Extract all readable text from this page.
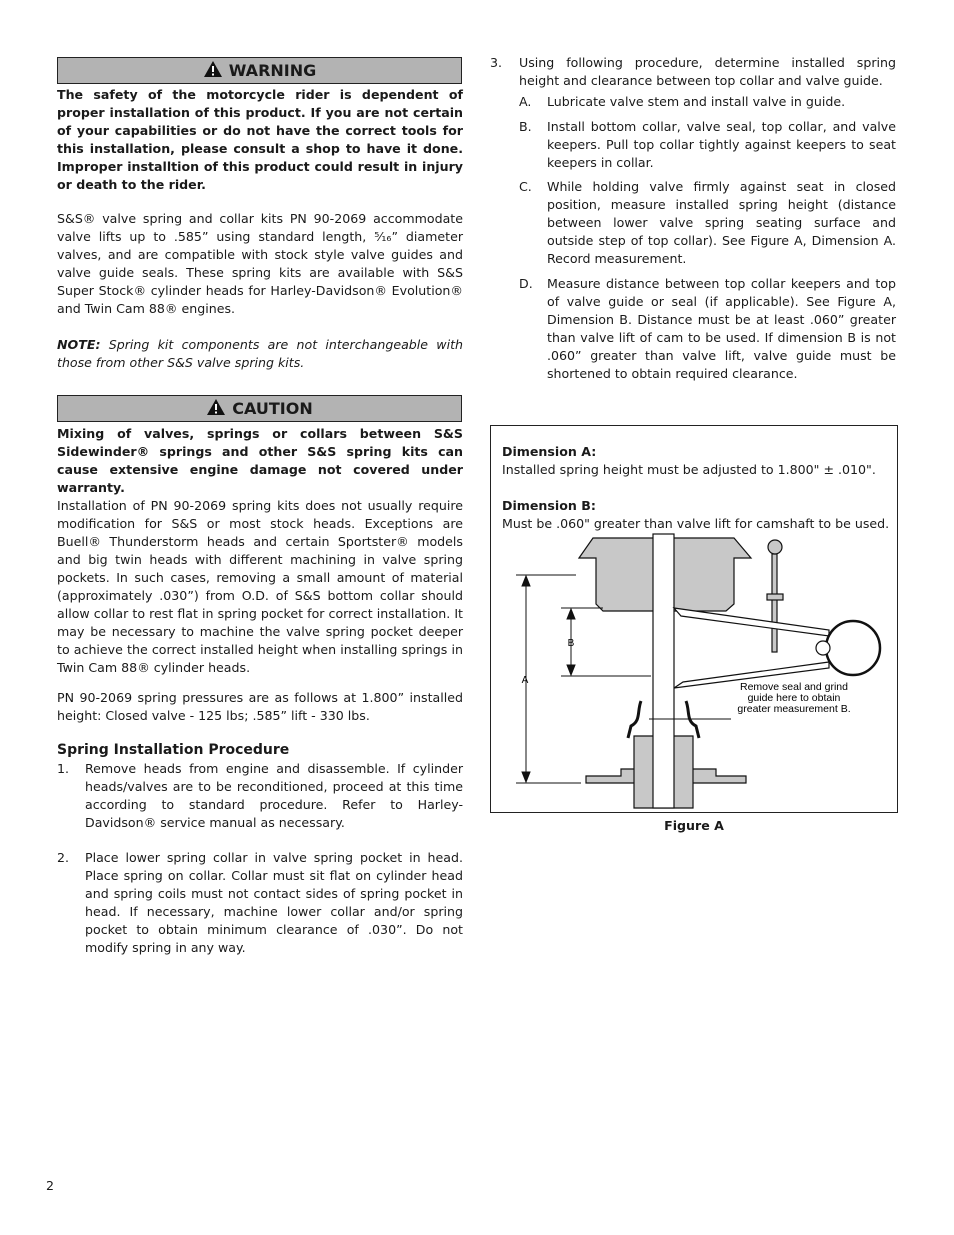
WARNING

The safety of the motorcycle rider is dependent of proper installation of this product. If you are not certain of your capabilities or do not have the correct tools for this installation, please consult a shop to have it done. Improper installtion of this product could result in injury or death to the rider.

S&S® valve spring and collar kits PN 90-2069 accommodate valve lifts up to .585” using standard length, ⁵⁄₁₆” diameter valves, and are compatible with stock style valve guides and valve guide seals. These spring kits are available with S&S Super Stock® cylinder heads for Harley-Davidson® Evolution® and Twin Cam 88® engines.

NOTE: Spring kit components are not interchangeable with those from other S&S valve spring kits.

CAUTION

Mixing of valves, springs or collars between S&S Sidewinder® springs and other S&S spring kits can cause extensive engine damage not covered under warranty.

Installation of PN 90-2069 spring kits does not usually require modification for S&S or most stock heads. Exceptions are Buell® Thunderstorm heads and certain Sportster® models and big twin heads with different machining in valve spring pockets. In such cases, removing a small amount of material (approximately .030”) from O.D. of S&S bottom collar should allow collar to rest flat in spring pocket for correct installation. It may be necessary to machine the valve spring pocket deeper to achieve the correct installed height when installing springs in Twin Cam 88® cylinder heads.

PN 90-2069 spring pressures are as follows at 1.800” installed height: Closed valve - 125 lbs; .585” lift - 330 lbs.

Spring Installation Procedure

1.	Remove heads from engine and disassemble. If cylinder heads/valves are to be reconditioned, proceed at this time according to standard procedure. Refer to Harley-Davidson® service manual as necessary.
2.	Place lower spring collar in valve spring pocket in head. Place spring on collar. Collar must sit flat on cylinder head and spring coils must not contact sides of spring pocket in head. If necessary, machine lower collar and/or spring pocket to obtain minimum clearance of .030”. Do not modify spring in any way.
3.	Using following procedure, determine installed spring height and clearance between top collar and valve guide.
A.	Lubricate valve stem and install valve in guide.
B.	Install bottom collar, valve seal, top collar, and valve keepers. Pull top collar tightly against keepers to seat keepers in collar.
C.	While holding valve firmly against seat in closed position, measure installed spring height (distance between lower valve spring seating surface and outside step of top collar). See Figure A, Dimension A. Record measurement.
D.	Measure distance between top collar keepers and top of valve guide or seal (if applicable). See Figure A, Dimension B. Distance must be at least .060” greater than valve lift of cam to be used. If dimension B is not .060” greater than valve lift, valve guide must be shortened to obtain required clearance.
Dimension A:
Installed spring height must be adjusted to 1.800" ± .010".
Dimension B:
Must be .060" greater than valve lift for camshaft to be used.
B
A
Remove seal and grind
guide here to obtain
greater measurement B.
Figure A
2
